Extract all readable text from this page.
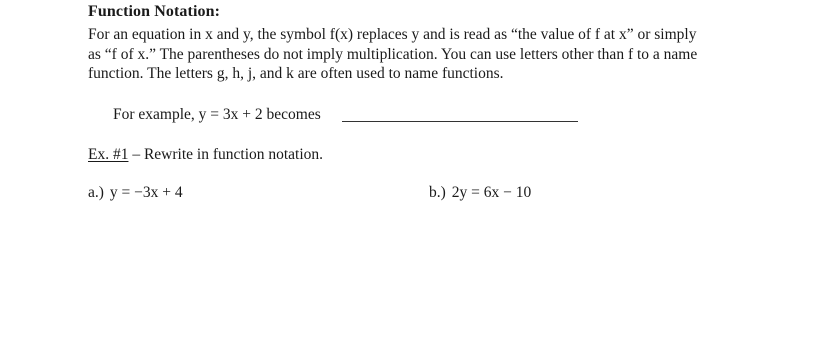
Function Notation:
For an equation in x and y, the symbol f(x) replaces y and is read as “the value of f at x” or simply
as “f of x.” The parentheses do not imply multiplication. You can use letters other than f to a name
function. The letters g, h, j, and k are often used to name functions.
For example, y = 3x + 2 becomes
Ex. #1 – Rewrite in function notation.
a.) y = −3x + 4	b.) 2y = 6x − 10
